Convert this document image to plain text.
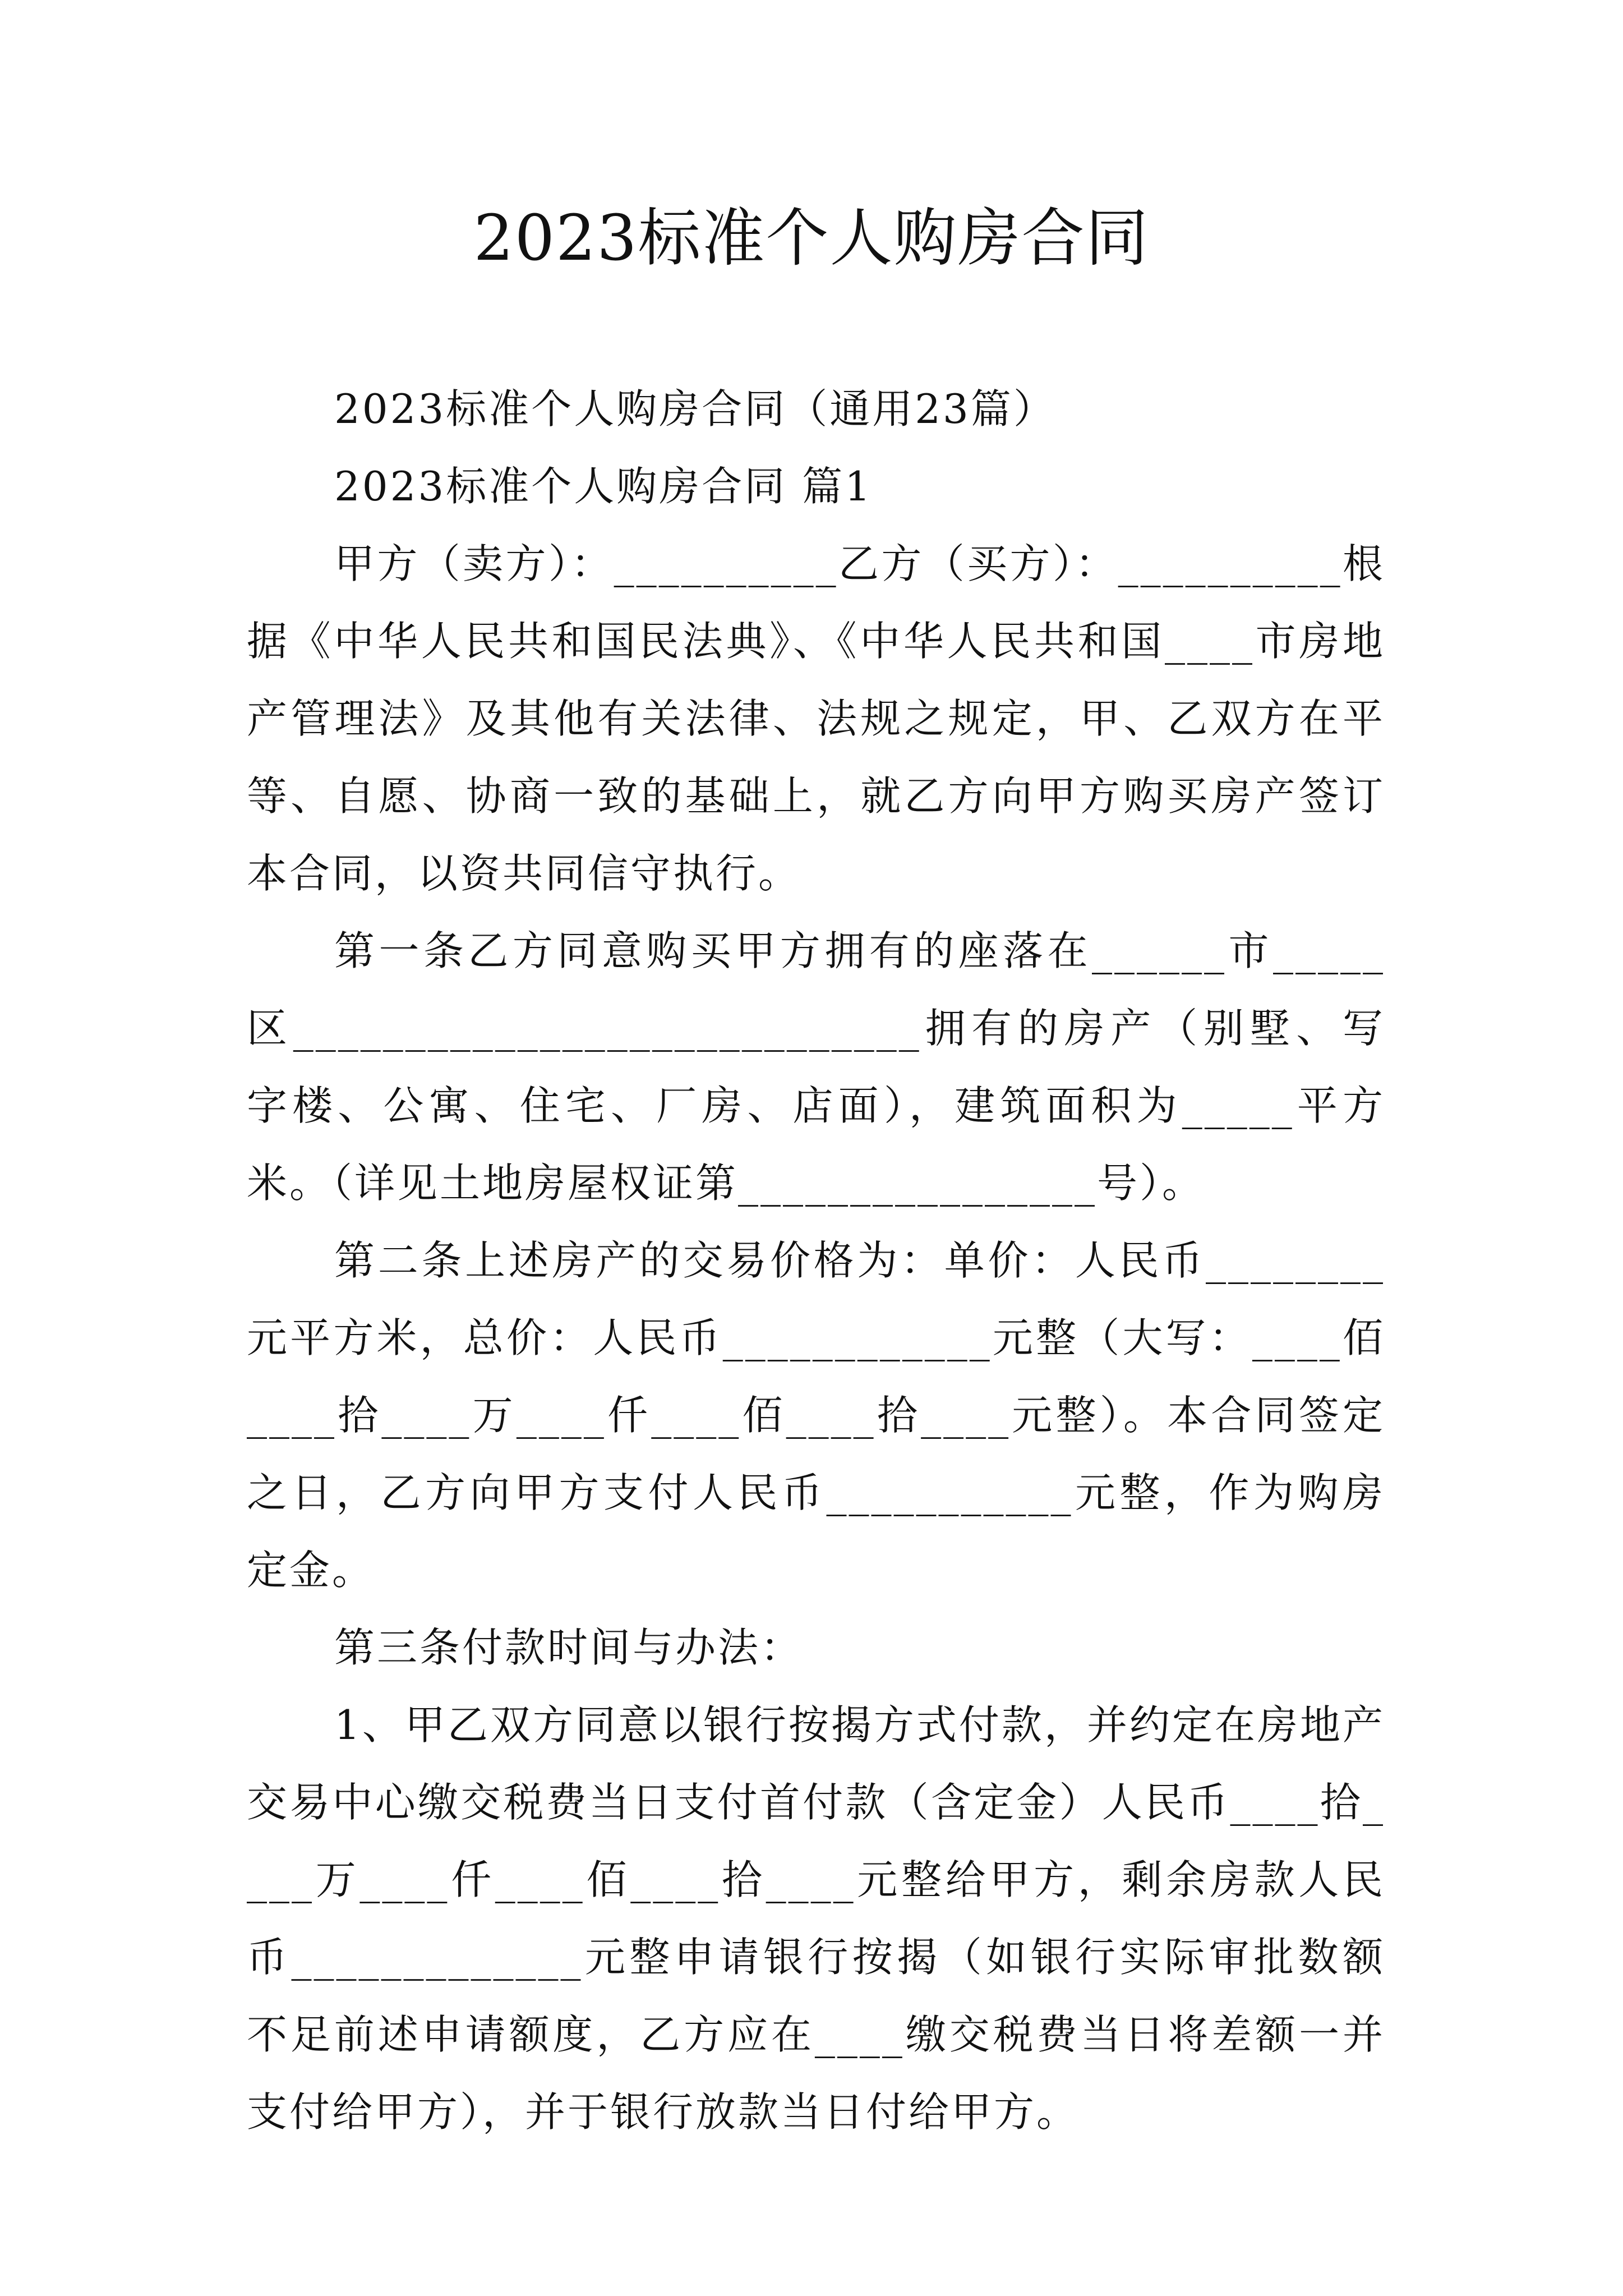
2023标准个人购房合同

2023标准个人购房合同（通用23篇）

2023标准个人购房合同 篇1

甲方（卖方）：__________乙方（买方）：__________根据《中华人民共和国民法典》、《中华人民共和国____市房地产管理法》及其他有关法律、法规之规定，甲、乙双方在平等、自愿、协商一致的基础上，就乙方向甲方购买房产签订本合同，以资共同信守执行。

第一条乙方同意购买甲方拥有的座落在______市_____区____________________________拥有的房产（别墅、写字楼、公寓、住宅、厂房、店面），建筑面积为_____平方米。（详见土地房屋权证第________________号）。

第二条上述房产的交易价格为：单价：人民币________元平方米，总价：人民币____________元整（大写：____佰____拾____万____仟____佰____拾____元整）。本合同签定之日，乙方向甲方支付人民币___________元整，作为购房定金。

第三条付款时间与办法：

1、甲乙双方同意以银行按揭方式付款，并约定在房地产交易中心缴交税费当日支付首付款（含定金）人民币____拾____万____仟____佰____拾____元整给甲方，剩余房款人民币_____________元整申请银行按揭（如银行实际审批数额不足前述申请额度，乙方应在____缴交税费当日将差额一并支付给甲方），并于银行放款当日付给甲方。
